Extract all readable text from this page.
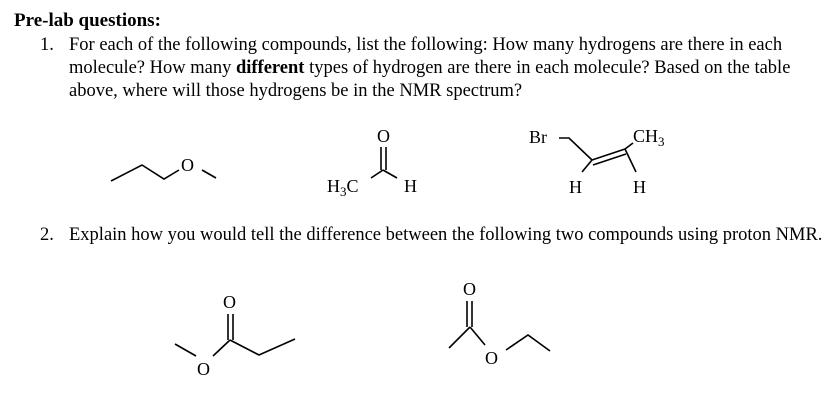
Pre-lab questions:
1. For each of the following compounds, list the following: How many hydrogens are there in each molecule? How many different types of hydrogen are there in each molecule? Based on the table above, where will those hydrogens be in the NMR spectrum?
2. Explain how you would tell the difference between the following two compounds using proton NMR.
O
O
$H_3C$	H
Br	$CH_3$
H	H
O
O
O
O
